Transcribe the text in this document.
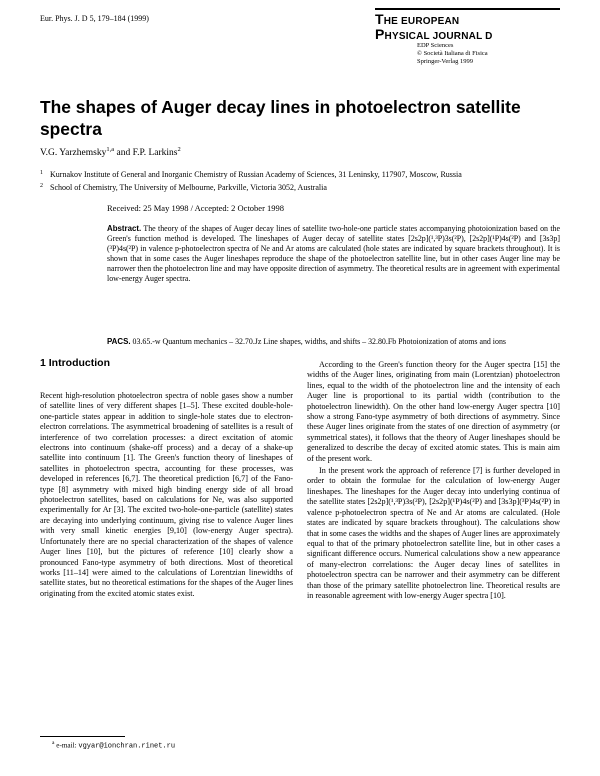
Eur. Phys. J. D 5, 179–184 (1999)	THE EUROPEAN
PHYSICAL JOURNAL D
EDP Sciences
© Società Italiana di Fisica
Springer-Verlag 1999
The shapes of Auger decay lines in photoelectron satellite spectra
V.G. Yarzhemsky$^{1,a}$ and F.P. Larkins$^2$
$^1$ Kurnakov Institute of General and Inorganic Chemistry of Russian Academy of Sciences, 31 Leninsky, 117907, Moscow, Russia
$^2$ School of Chemistry, The University of Melbourne, Parkville, Victoria 3052, Australia
Received: 25 May 1998 / Accepted: 2 October 1998

Abstract. The theory of the shapes of Auger decay lines of satellite two-hole-one particle states accompanying photoionization based on the Green's function method is developed. The lineshapes of Auger decay of satellite states [2s2p](¹,³P)3s(²P), [2s2p](¹P)4s(²P) and [3s3p](³P)4s(²P) in valence p-photoelectron spectra of Ne and Ar atoms are calculated (hole states are indicated by square brackets throughout). It is shown that in some cases the Auger lineshapes reproduce the shape of the photoelectron satellite line, but in other cases Auger line may be narrower then the photoelectron line and may have opposite direction of asymmetry. The theoretical results are in agreement with experimental low-energy Auger spectra.

PACS. 03.65.-w Quantum mechanics – 32.70.Jz Line shapes, widths, and shifts – 32.80.Fb Photoionization of atoms and ions

1 Introduction

Recent high-resolution photoelectron spectra of noble gases show a number of satellite lines of very different shapes [1–5]. These excited double-hole-one-particle states appear in addition to single-hole states due to electron-electron correlations. The asymmetrical broadening of satellites is a result of interference of two correlation processes: a direct excitation of atomic electrons into continuum (shake-off process) and a decay of a shake-up satellite into continuum [1]. The Green's function theory of lineshapes of satellites in photoelectron spectra, accounting for these processes, was developed in references [6,7]. The theoretical prediction [6,7] of the Fano-type [8] asymmetry with mixed high binding energy side of all broad photoelectron satellites, based on calculations for Ne, was also supported experimentally for Ar [3]. The excited two-hole-one-particle (satellite) states are decaying into underlying continuum, giving rise to valence Auger lines with very small kinetic energies [9,10] (low-energy Auger spectra). Unfortunately there are no special characterization of the shapes of valence Auger lines [10], but the pictures of reference [10] clearly show a pronounced Fano-type asymmetry of both directions. Most of theoretical works [11–14] were aimed to the calculations of Lorentzian linewidths of satellite states, but no theoretical estimations for the shapes of the Auger lines originating from the excited atomic states exist.

According to the Green's function theory for the Auger spectra [15] the widths of the Auger lines, originating from main (Lorentzian) photoelectron lines, equal to the width of the photoelectron line and the intensity of each Auger line is proportional to its partial width (contribution to the photoelectron linewidth). On the other hand low-energy Auger spectra [10] show a strong Fano-type asymmetry of both directions of asymmetry. Since these Auger lines originate from the states of one direction of asymmetry (or symmetrical states), it follows that the theory of Auger lineshapes should be generalized to describe the decay of excited atomic states. This is main aim of the present work.

In the present work the approach of reference [7] is further developed in order to obtain the formulae for the calculation of low-energy Auger lineshapes. The lineshapes for the Auger decay into underlying continua of the satellite states [2s2p](¹,³P)3s(²P), [2s2p](¹P)4s(²P) and [3s3p](³P)4s(²P) in valence p-photoelectron spectra of Ne and Ar atoms are calculated. (Hole states are indicated by square brackets throughout). The calculations show that in some cases the widths and the shapes of Auger lines are approximately equal to that of the primary photoelectron satellite line, but in other cases a significant difference occurs. Numerical calculations show a new appearance of many-electron correlations: the Auger decay lines of satellites in photoelectron spectra can be narrower and their asymmetry can be different than those of the primary satellite photoelectron line. Theoretical results are in reasonable agreement with low-energy Auger spectra [10].

$^a$ e-mail: vgyar@ionchran.rinet.ru
